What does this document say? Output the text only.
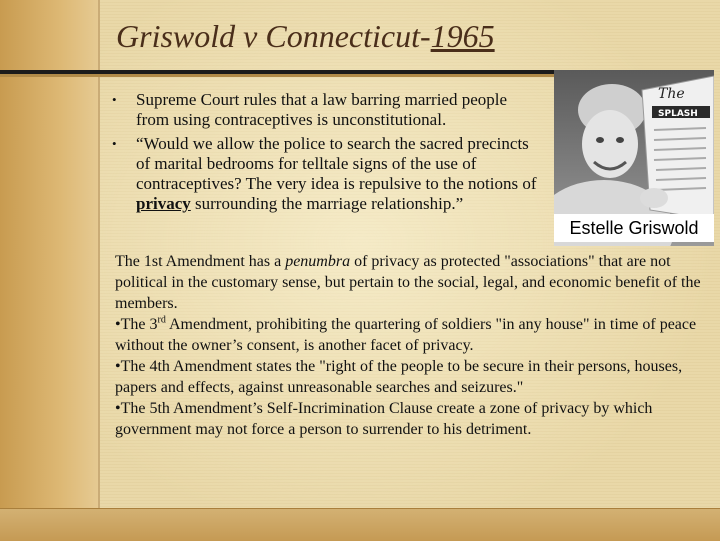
Griswold v Connecticut-1965
• Supreme Court rules that a law barring married people from using contraceptives is unconstitutional.
• “Would we allow the police to search the sacred precincts of marital bedrooms for telltale signs of the use of contraceptives? The very idea is repulsive to the notions of privacy surrounding the marriage relationship.”
The
SPLASH
Estelle Griswold

The 1st Amendment has a penumbra of privacy as protected "associations" that are not political in the customary sense, but pertain to the social, legal, and economic benefit of the members.

•The 3rd Amendment, prohibiting the quartering of soldiers "in any house" in time of peace without the owner’s consent, is another facet of privacy.

•The 4th Amendment states the "right of the people to be secure in their persons, houses, papers and effects, against unreasonable searches and seizures."

•The 5th Amendment’s Self-Incrimination Clause create a zone of privacy by which government may not force a person to surrender to his detriment.
